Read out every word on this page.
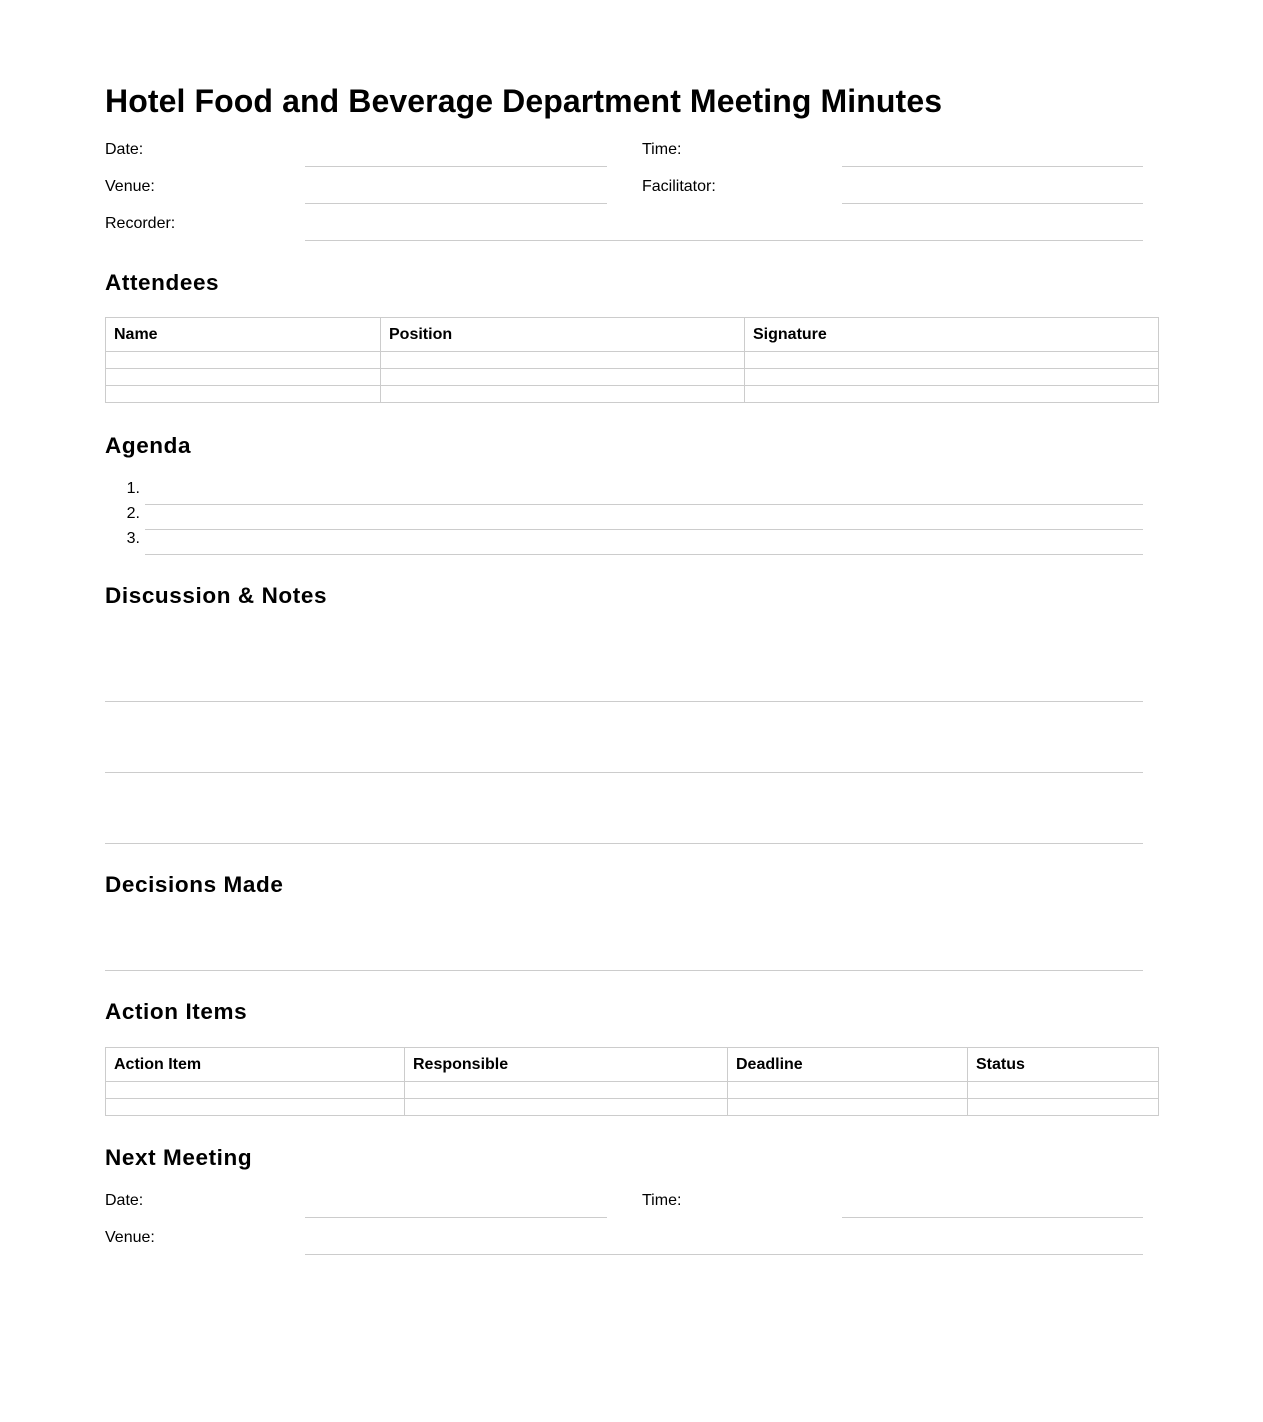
Hotel Food and Beverage Department Meeting Minutes
Date:	Time:
Venue:	Facilitator:
Recorder:
Attendees
Name	Position	Signature

Agenda
1.
2.
3.
Discussion & Notes
Decisions Made
Action Items
Action Item	Responsible	Deadline	Status

Next Meeting
Date:	Time:
Venue:
